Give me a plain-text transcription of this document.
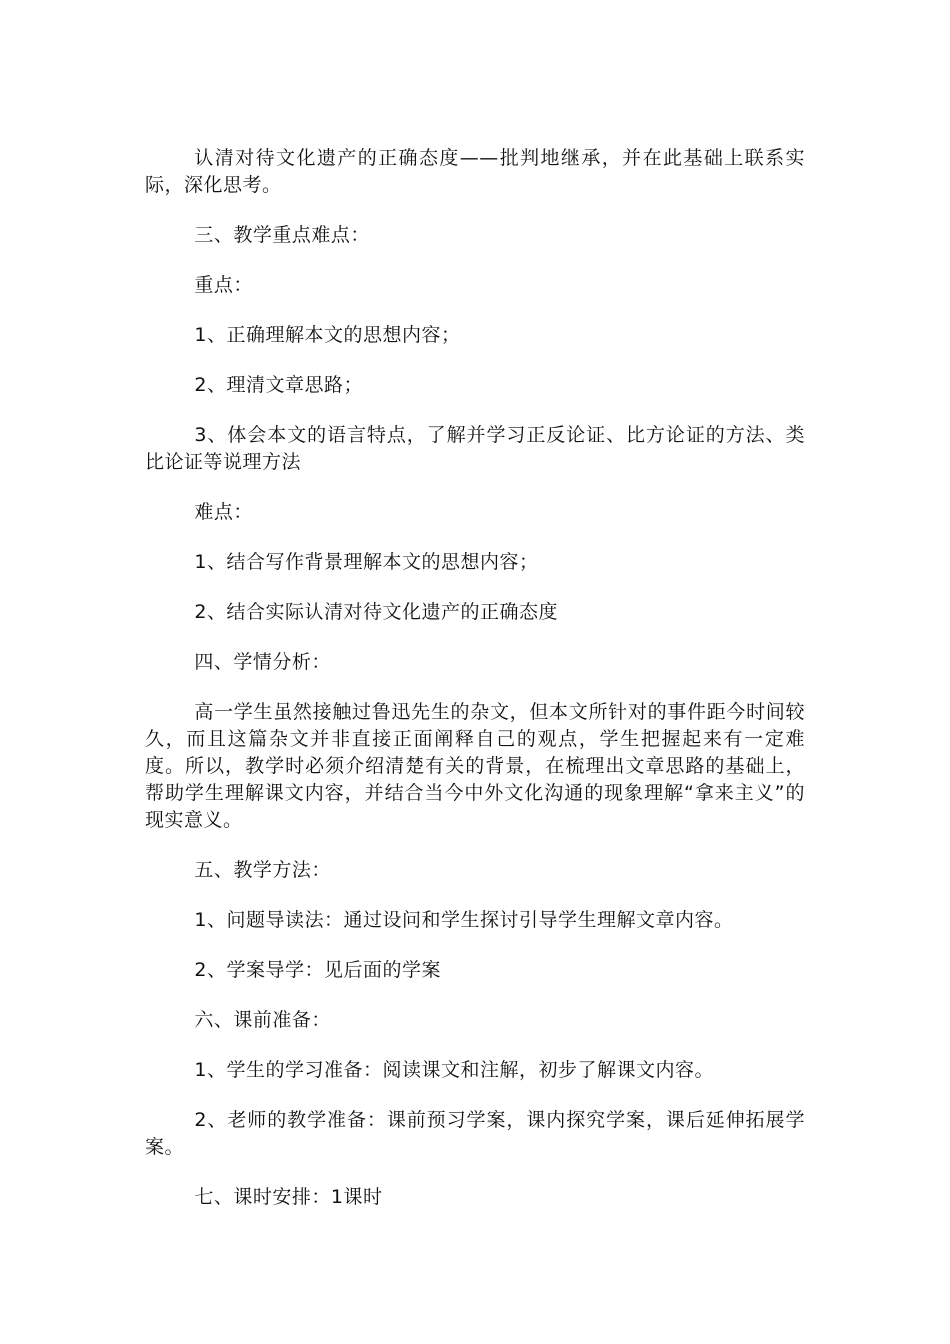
认清对待文化遗产的正确态度——批判地继承，并在此基础上联系实际，深化思考。

三、教学重点难点：

重点：

1、正确理解本文的思想内容；

2、理清文章思路；

3、体会本文的语言特点，了解并学习正反论证、比方论证的方法、类比论证等说理方法

难点：

1、结合写作背景理解本文的思想内容；

2、结合实际认清对待文化遗产的正确态度

四、学情分析：

高一学生虽然接触过鲁迅先生的杂文，但本文所针对的事件距今时间较久，而且这篇杂文并非直接正面阐释自己的观点，学生把握起来有一定难度。所以，教学时必须介绍清楚有关的背景，在梳理出文章思路的基础上，帮助学生理解课文内容，并结合当今中外文化沟通的现象理解“拿来主义”的现实意义。

五、教学方法：

1、问题导读法：通过设问和学生探讨引导学生理解文章内容。

2、学案导学：见后面的学案

六、课前准备：

1、学生的学习准备：阅读课文和注解，初步了解课文内容。

2、老师的教学准备：课前预习学案，课内探究学案，课后延伸拓展学案。

七、课时安排：1课时
